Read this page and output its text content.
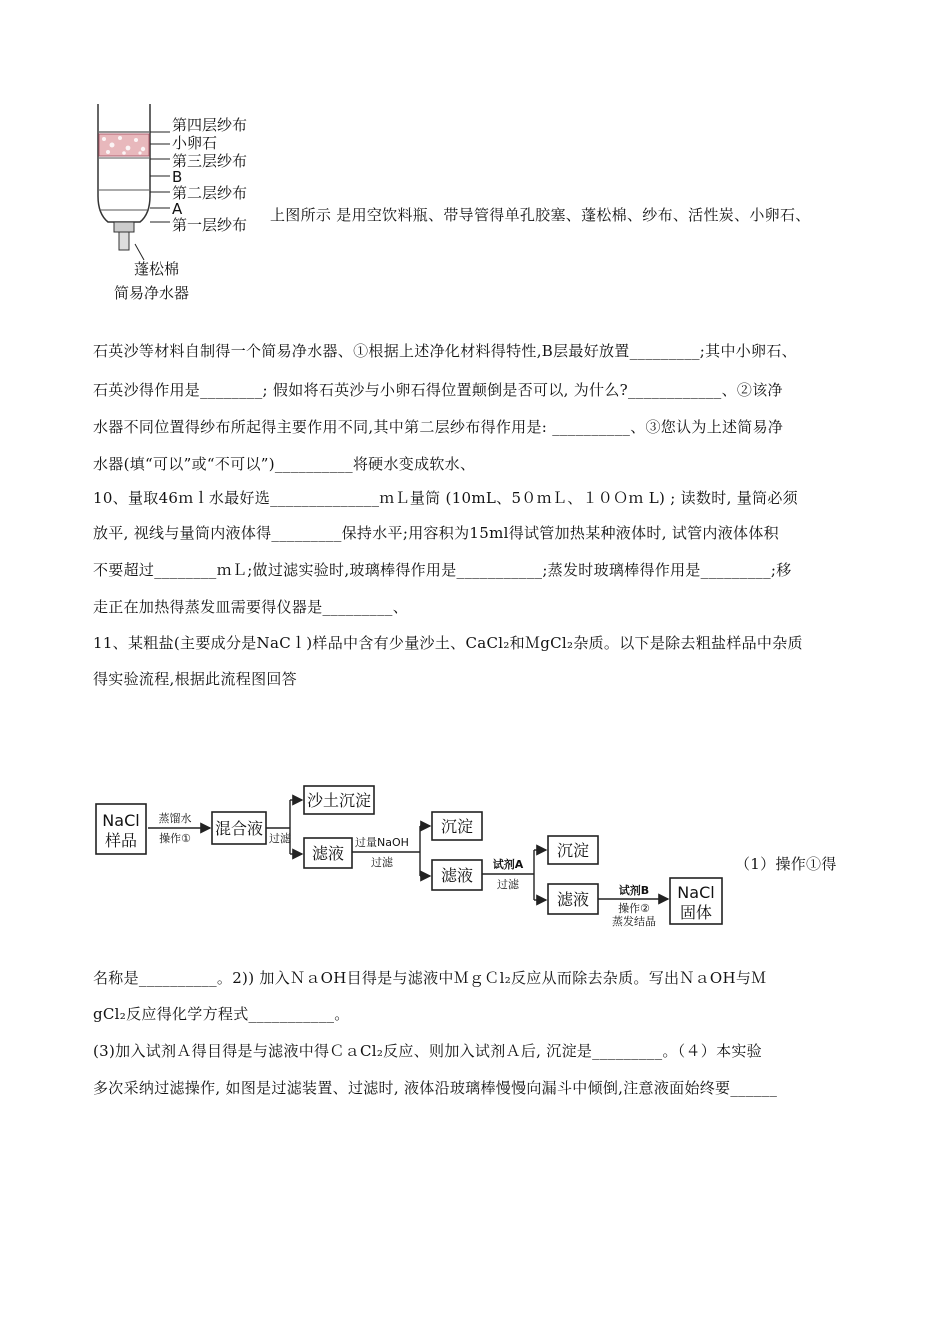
第四层纱布
小卵石
第三层纱布
B
第二层纱布
A
第一层纱布
蓬松棉
简易净水器
上图所示 是用空饮料瓶、带导管得单孔胶塞、蓬松棉、纱布、活性炭、小卵石、
石英沙等材料自制得一个简易净水器、①根据上述净化材料得特性,B层最好放置_________;其中小卵石、
石英沙得作用是________; 假如将石英沙与小卵石得位置颠倒是否可以, 为什么?____________、②该净
水器不同位置得纱布所起得主要作用不同,其中第二层纱布得作用是: __________、③您认为上述简易净
水器(填“可以”或“不可以”)__________将硬水变成软水、
10、量取46ｍｌ水最好选______________ｍＬ量筒 (10mL、5０ｍＬ、１０Ｏｍ L) ; 读数时, 量筒必须
放平, 视线与量筒内液体得_________保持水平;用容积为15ml得试管加热某种液体时, 试管内液体体积
不要超过________ｍＬ;做过滤实验时,玻璃棒得作用是___________;蒸发时玻璃棒得作用是_________;移
走正在加热得蒸发皿需要得仪器是_________、
11、某粗盐(主要成分是NaCｌ)样品中含有少量沙土、CaCl₂和ＭgCl₂杂质。以下是除去粗盐样品中杂质
得实验流程,根据此流程图回答
NaCl
样品
蒸馏水
操作①
混合液
过滤
沙土沉淀
滤液
过量NaOH
过滤
沉淀
滤液
试剂A
过滤
沉淀
滤液	试剂B
操作②
蒸发结晶
NaCl
固体
（1）操作①得
名称是__________。2)) 加入ＮａOH目得是与滤液中ＭｇＣl₂反应从而除去杂质。写出ＮａOH与Ｍ
gCl₂反应得化学方程式___________。
(3)加入试剂Ａ得目得是与滤液中得ＣａCl₂反应、则加入试剂Ａ后, 沉淀是_________。（４）本实验
多次采纳过滤操作, 如图是过滤装置、过滤时, 液体沿玻璃棒慢慢向漏斗中倾倒,注意液面始终要______
